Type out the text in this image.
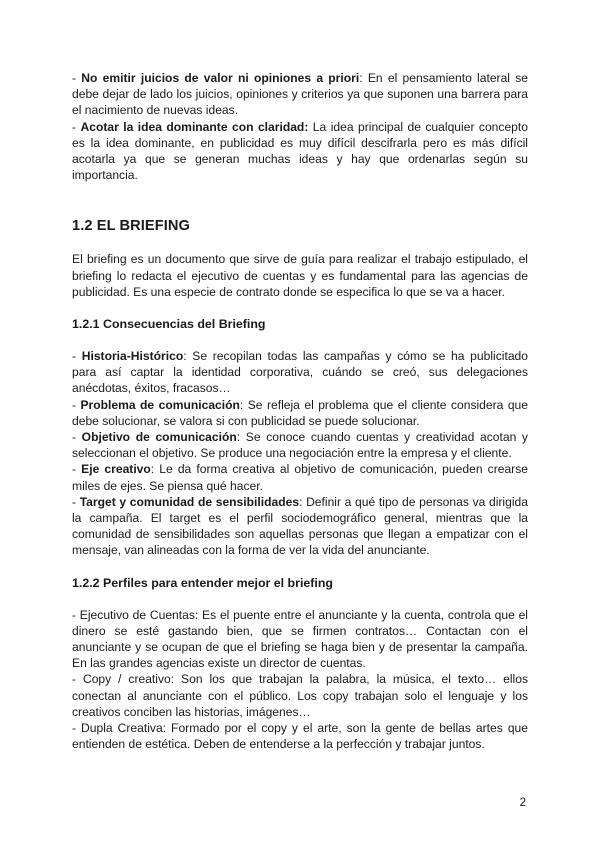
- No emitir juicios de valor ni opiniones a priori: En el pensamiento lateral se debe dejar de lado los juicios, opiniones y criterios ya que suponen una barrera para el nacimiento de nuevas ideas.

- Acotar la idea dominante con claridad: La idea principal de cualquier concepto es la idea dominante, en publicidad es muy difícil descifrarla pero es más difícil acotarla ya que se generan muchas ideas y hay que ordenarlas según su importancia.

1.2 EL BRIEFING

El briefing es un documento que sirve de guía para realizar el trabajo estipulado, el briefing lo redacta el ejecutivo de cuentas y es fundamental para las agencias de publicidad. Es una especie de contrato donde se especifica lo que se va a hacer.

1.2.1 Consecuencias del Briefing

- Historia-Histórico: Se recopilan todas las campañas y cómo se ha publicitado para así captar la identidad corporativa, cuándo se creó, sus delegaciones anécdotas, éxitos, fracasos…

- Problema de comunicación: Se refleja el problema que el cliente considera que debe solucionar, se valora si con publicidad se puede solucionar.

- Objetivo de comunicación: Se conoce cuando cuentas y creatividad acotan y seleccionan el objetivo. Se produce una negociación entre la empresa y el cliente.

- Eje creativo: Le da forma creativa al objetivo de comunicación, pueden crearse miles de ejes. Se piensa qué hacer.

- Target y comunidad de sensibilidades: Definir a qué tipo de personas va dirigida la campaña. El target es el perfil sociodemográfico general, mientras que la comunidad de sensibilidades son aquellas personas que llegan a empatizar con el mensaje, van alineadas con la forma de ver la vida del anunciante.

1.2.2 Perfiles para entender mejor el briefing

- Ejecutivo de Cuentas: Es el puente entre el anunciante y la cuenta, controla que el dinero se esté gastando bien, que se firmen contratos… Contactan con el anunciante y se ocupan de que el briefing se haga bien y de presentar la campaña. En las grandes agencias existe un director de cuentas.

- Copy / creativo: Son los que trabajan la palabra, la música, el texto… ellos conectan al anunciante con el público. Los copy trabajan solo el lenguaje y los creativos conciben las historias, imágenes…

- Dupla Creativa: Formado por el copy y el arte, son la gente de bellas artes que entienden de estética. Deben de entenderse a la perfección y trabajar juntos.

2
